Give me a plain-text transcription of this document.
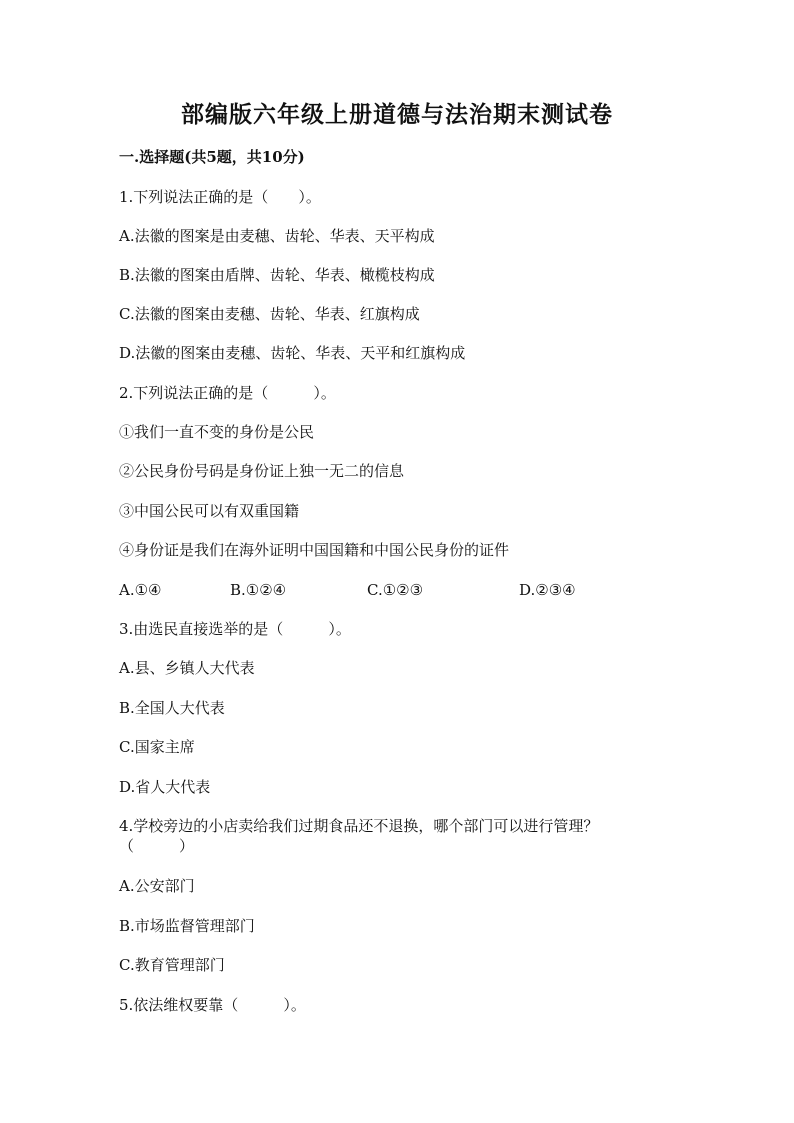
部编版六年级上册道德与法治期末测试卷
一.选择题(共5题，共10分)
1.下列说法正确的是（　　）。
A.法徽的图案是由麦穗、齿轮、华表、天平构成
B.法徽的图案由盾牌、齿轮、华表、橄榄枝构成
C.法徽的图案由麦穗、齿轮、华表、红旗构成
D.法徽的图案由麦穗、齿轮、华表、天平和红旗构成
2.下列说法正确的是（　　　）。
①我们一直不变的身份是公民
②公民身份号码是身份证上独一无二的信息
③中国公民可以有双重国籍
④身份证是我们在海外证明中国国籍和中国公民身份的证件
A.①④	B.①②④	C.①②③	D.②③④
3.由选民直接选举的是（　　　）。
A.县、乡镇人大代表
B.全国人大代表
C.国家主席
D.省人大代表
4.学校旁边的小店卖给我们过期食品还不退换，哪个部门可以进行管理？
（　　　）
A.公安部门
B.市场监督管理部门
C.教育管理部门
5.依法维权要靠（　　　）。
